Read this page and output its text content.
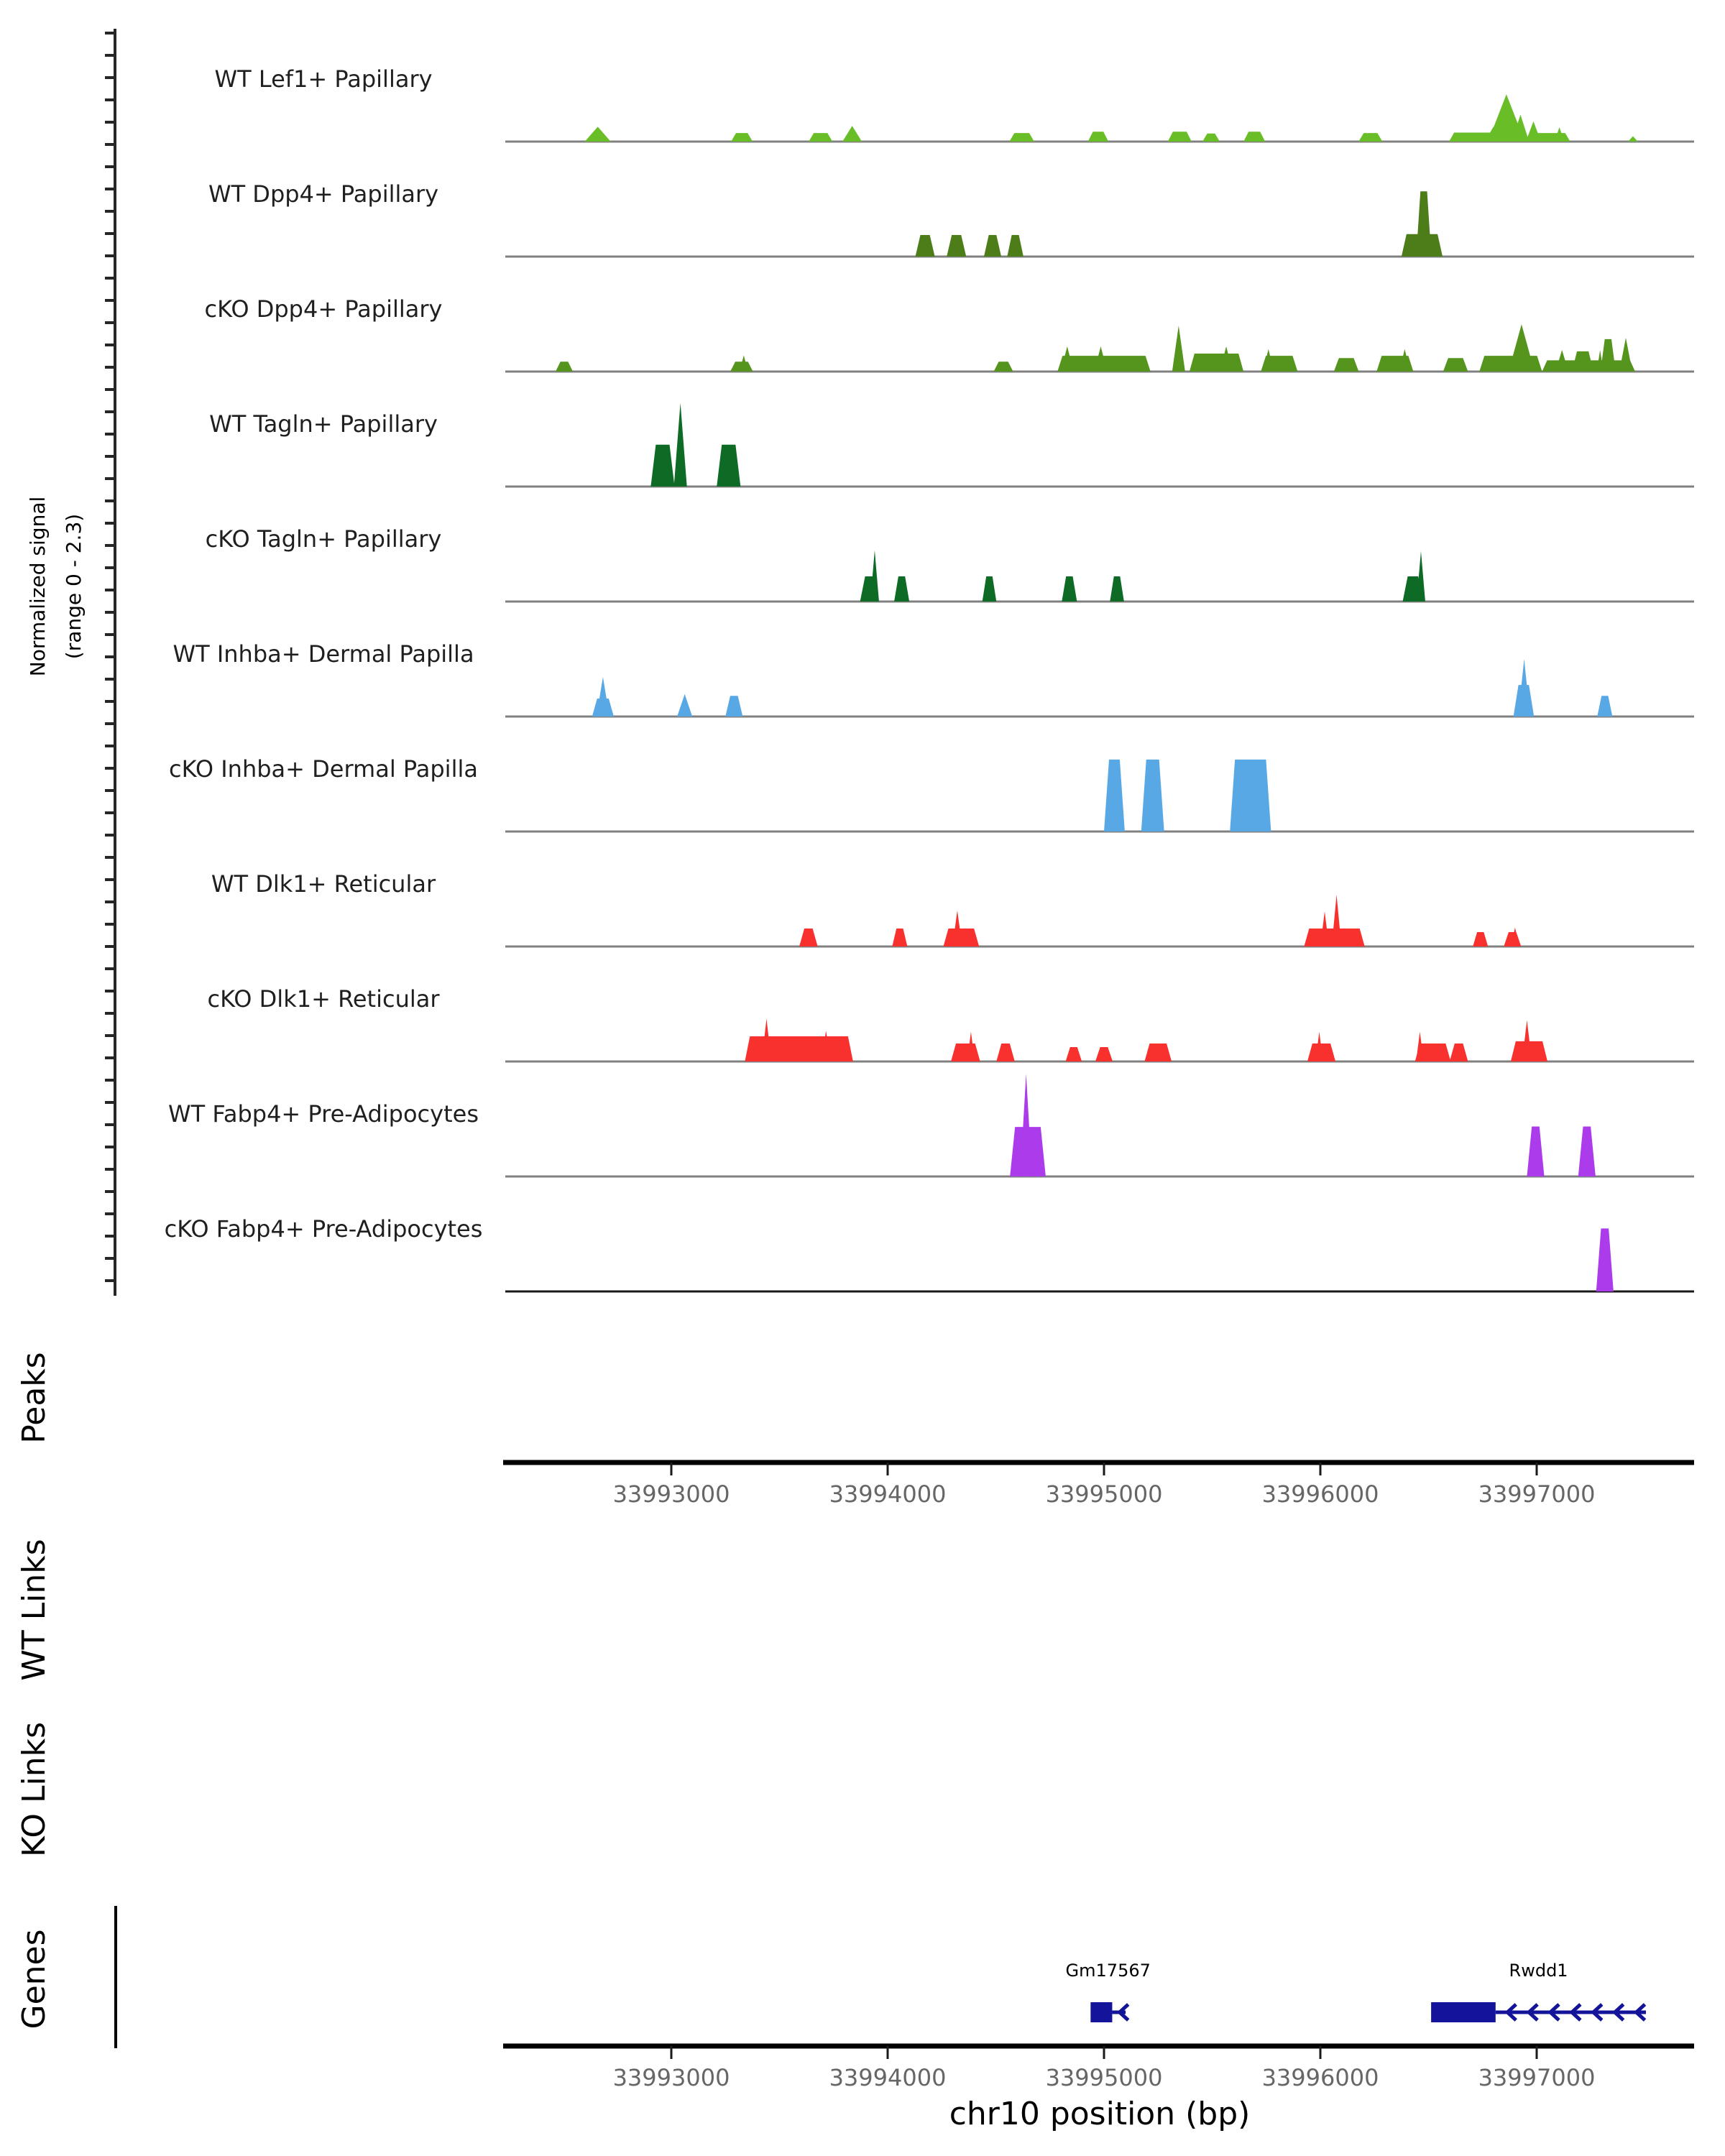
Normalized signal (range 0 - 2.3)
WT Lef1+ Papillary
WT Dpp4+ Papillary
cKO Dpp4+ Papillary
WT Tagln+ Papillary
cKO Tagln+ Papillary
WT Inhba+ Dermal Papilla
cKO Inhba+ Dermal Papilla
WT Dlk1+ Reticular
cKO Dlk1+ Reticular
WT Fabp4+ Pre-Adipocytes
cKO Fabp4+ Pre-Adipocytes
33993000	33994000	33995000	33996000	33997000
Peaks
WT Links
KO Links
Genes	Gm17567	Rwdd1
33993000	33994000	33995000	33996000	33997000
chr10 position (bp)
